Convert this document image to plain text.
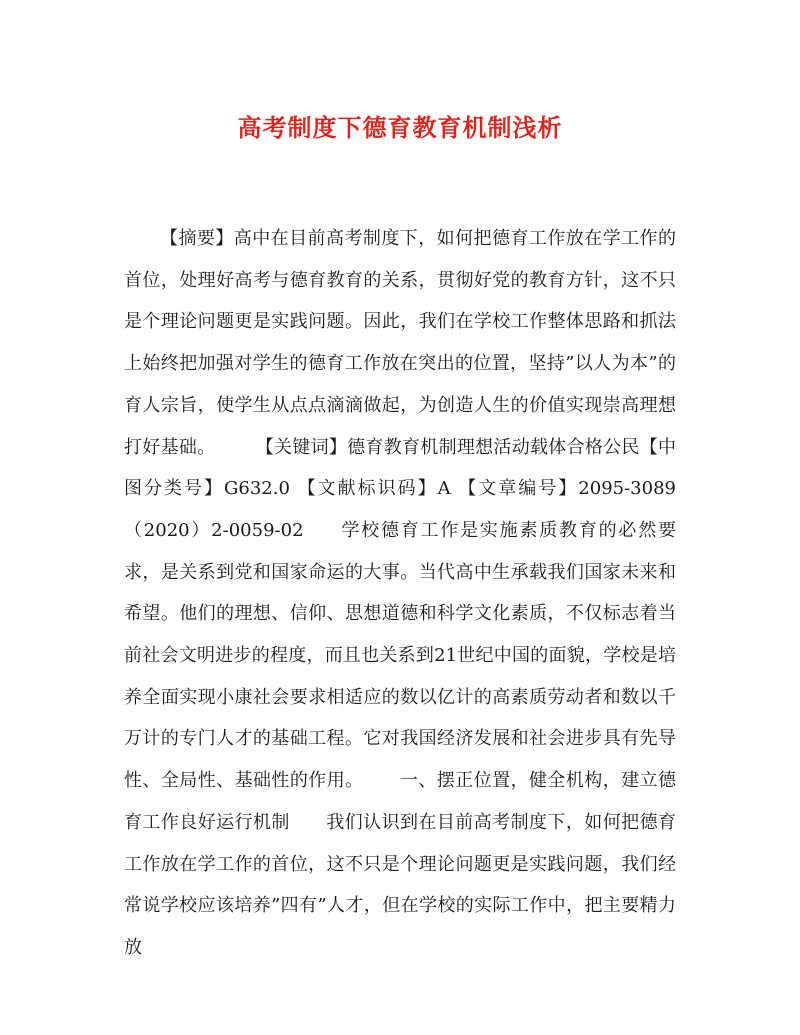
高考制度下德育教育机制浅析

【摘要】高中在目前高考制度下，如何把德育工作放在学工作的首位，处理好高考与德育教育的关系，贯彻好党的教育方针，这不只是个理论问题更是实践问题。因此，我们在学校工作整体思路和抓法上始终把加强对学生的德育工作放在突出的位置，坚持”以人为本”的育人宗旨，使学生从点点滴滴做起，为创造人生的价值实现崇高理想打好基础。 【关键词】德育教育机制理想活动载体合格公民【中图分类号】G632.0 【文献标识码】A 【文章编号】2095-3089（2020）2-0059-02 学校德育工作是实施素质教育的必然要求，是关系到党和国家命运的大事。当代高中生承载我们国家未来和希望。他们的理想、信仰、思想道德和科学文化素质，不仅标志着当前社会文明进步的程度，而且也关系到21世纪中国的面貌，学校是培养全面实现小康社会要求相适应的数以亿计的高素质劳动者和数以千万计的专门人才的基础工程。它对我国经济发展和社会进步具有先导性、全局性、基础性的作用。 一、摆正位置，健全机构，建立德育工作良好运行机制 我们认识到在目前高考制度下，如何把德育工作放在学工作的首位，这不只是个理论问题更是实践问题，我们经常说学校应该培养”四有”人才，但在学校的实际工作中，把主要精力放
